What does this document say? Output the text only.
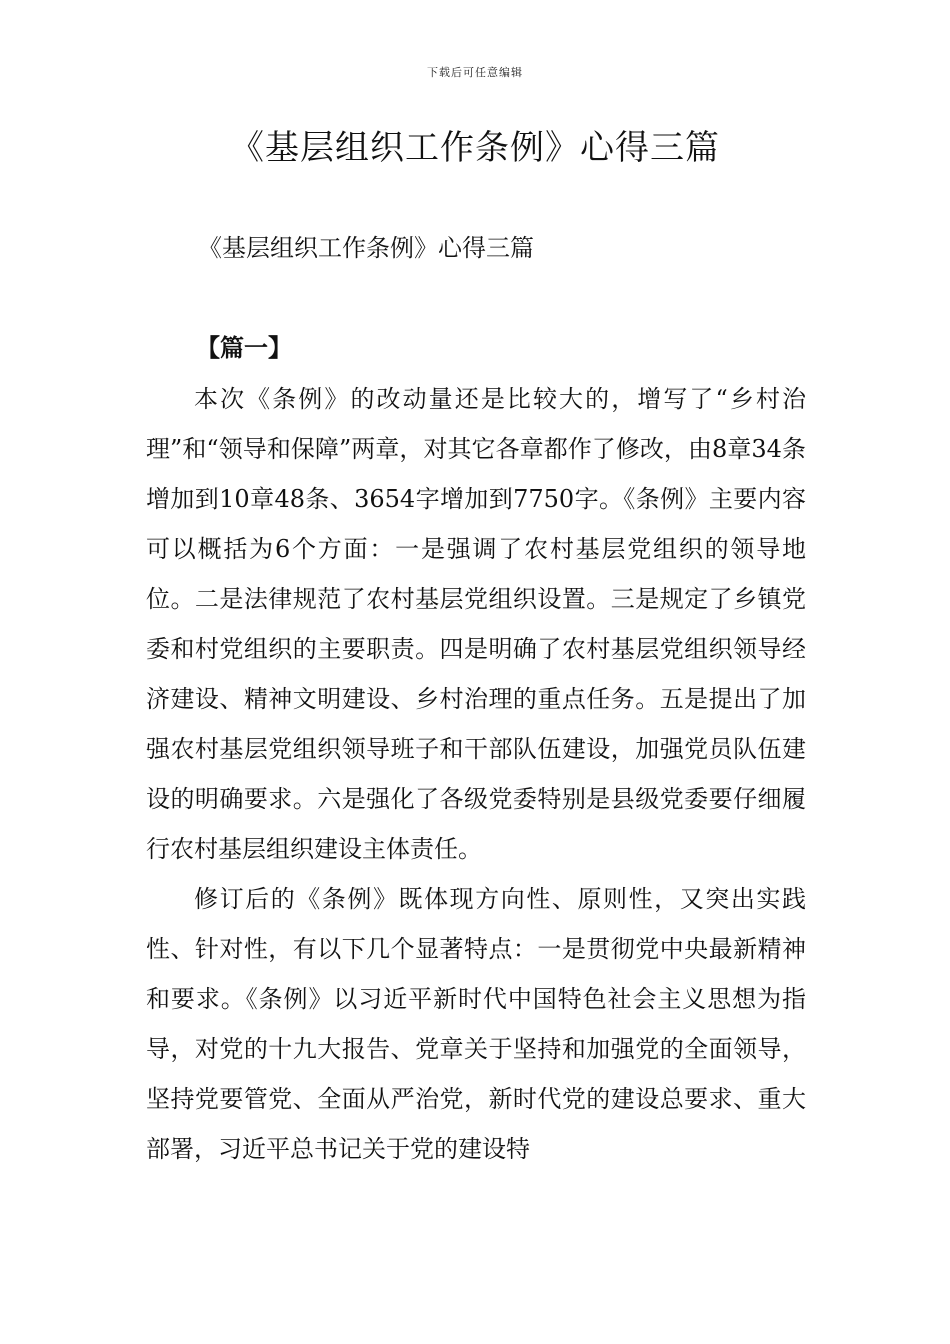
下载后可任意编辑
《基层组织工作条例》心得三篇
《基层组织工作条例》心得三篇
【篇一】

本次《条例》的改动量还是比较大的，增写了“乡村治理”和“领导和保障”两章，对其它各章都作了修改，由8章34条增加到10章48条、3654字增加到7750字。《条例》主要内容可以概括为6个方面：一是强调了农村基层党组织的领导地位。二是法律规范了农村基层党组织设置。三是规定了乡镇党委和村党组织的主要职责。四是明确了农村基层党组织领导经济建设、精神文明建设、乡村治理的重点任务。五是提出了加强农村基层党组织领导班子和干部队伍建设，加强党员队伍建设的明确要求。六是强化了各级党委特别是县级党委要仔细履行农村基层组织建设主体责任。

修订后的《条例》既体现方向性、原则性，又突出实践性、针对性，有以下几个显著特点：一是贯彻党中央最新精神和要求。《条例》以习近平新时代中国特色社会主义思想为指导，对党的十九大报告、党章关于坚持和加强党的全面领导，坚持党要管党、全面从严治党，新时代党的建设总要求、重大部署，习近平总书记关于党的建设特
